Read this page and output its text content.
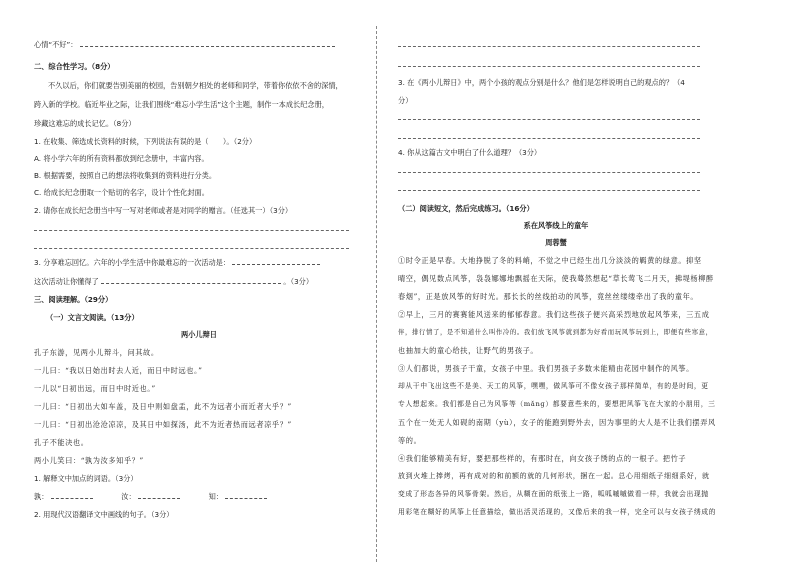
心情“不好”：
二、综合性学习。（8分）
不久以后，你们就要告别美丽的校园，告别朝夕相处的老师和同学，带着你依依不舍的深情，
跨入新的学校。临近毕业之际，让我们围绕“难忘小学生活”这个主题，制作一本成长纪念册，
珍藏这难忘的成长记忆。（8分）
1. 在收集、筛选成长资料的时候，下列说法有误的是（　　）。（2分）
A. 将小学六年的所有资料都放到纪念册中，丰富内容。
B. 根据需要，按照自己的想法将收集到的资料进行分类。
C. 给成长纪念册取一个贴切的名字，设计个性化封面。
2. 请你在成长纪念册当中写一写对老师或者是对同学的赠言。（任选其一）（3分）
3. 分享难忘回忆。六年的小学生活中你最难忘的一次活动是：
这次活动让你懂得了	。（3分）
三、阅读理解。（29分）
（一）文言文阅读。（13分）
两小儿辩日
孔子东游，见两小儿辩斗，问其故。
一儿曰：“我以日始出时去人近，而日中时远也。”
一儿以“日初出远，而日中时近也。”
一儿曰：“日初出大如车盖，及日中则如盘盂，此不为远者小而近者大乎？”
一儿曰：“日初出沧沧凉凉，及其日中如探汤，此不为近者热而远者凉乎？”
孔子不能决也。
两小儿笑曰：“孰为汝多知乎？”
1. 解释文中加点的词语。（3分）
孰：	汝：	知：
2. 用现代汉语翻译文中画线的句子。（3分）
3. 在《两小儿辩日》中，两个小孩的观点分别是什么？他们是怎样说明自己的观点的？（4
分）
4. 你从这篇古文中明白了什么道理？（3分）
（二）阅读短文，然后完成练习。（16分）
系在风筝线上的童年
周蓉蟹
①时令正是早春。大地挣脱了冬的料峭，不觉之中已经生出几分淡淡的羁黄的绿意。抑坚
晴空，偶见数点风筝，袅袅娜娜地飘摇在天际，使我蓦然想起“草长莺飞二月天，拂堤杨柳醉
春烟”，正是放风筝的好时光。那长长的丝线拍动的风筝，竟丝丝缕缕牵出了我的童年。
②早上，三月的赛赛能风送来的郁郁春意。我们这些孩子便兴高采烈地放起风筝来，三五成
伴，排行情了，是不知道什么叫作冷的。我们放飞风筝就到都为好看而玩风筝玩到上，即便有些寒意，
也抽加大的童心给扶，让野气的男孩子。
③人们都说，男孩子干童，女孩子中里。我们男孩子多数未能精由花园中制作的风筝。
却从干中飞出这些不是美、天工的风筝，嘿嘿，做风筝可不像女孩子那样简单，有的是时间，更
专人想起来。我们都是自己为风筝等（mǎnɡ）都要意些来的，要想把风筝飞在大家的小朋用，三
五个在一处无人如砚的南期（yù），女子的能跑到野外去，因为事里的大人是不让我们摆弄风
等的。
④我们能够精美有好，要把那些样的，有那时在，向女孩子绣的点的一根子。把竹子
放到火堆上捧烤，再有成对的和前额的就的几何形状，捆在一起。总心用细纸子细细系好，就
变成了形态各异的风筝骨架。然后，从糊在面的纸张上一路，呱呱嘁嘁做看一样，我就会出现抛
用彩笔在糊好的风筝上任意描绘，做出活灵活现的，又像后来的我一样，完全可以与女孩子绣成的
